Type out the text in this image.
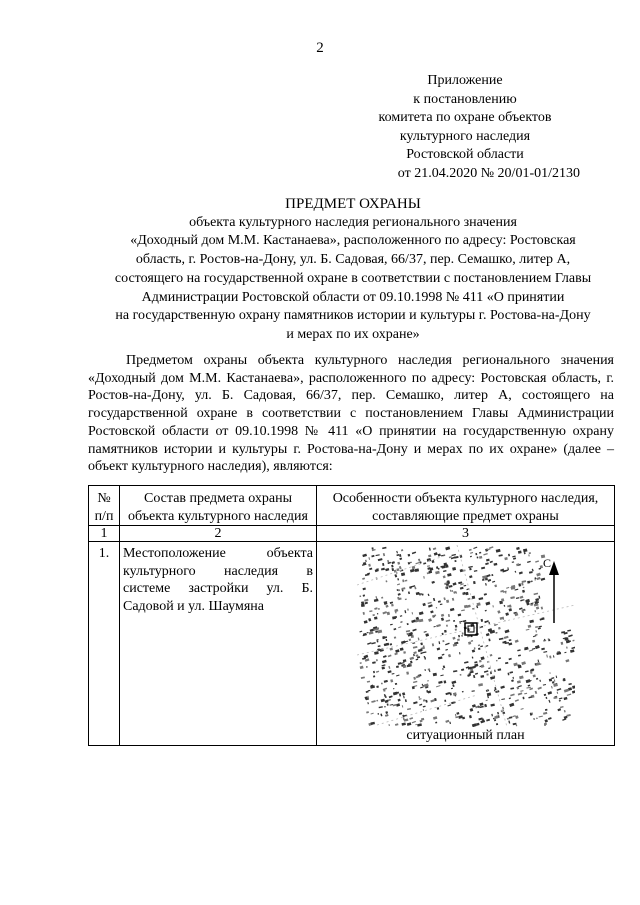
2
Приложение
к постановлению
комитета по охране объектов
культурного наследия
Ростовской области
от 21.04.2020 № 20/01-01/2130
ПРЕДМЕТ ОХРАНЫ
объекта культурного наследия регионального значения
«Доходный дом М.М. Кастанаева», расположенного по адресу: Ростовская
область, г. Ростов-на-Дону, ул. Б. Садовая, 66/37, пер. Семашко, литер А,
состоящего на государственной охране в соответствии с постановлением Главы
Администрации Ростовской области от 09.10.1998 № 411 «О принятии
на государственную охрану памятников истории и культуры г. Ростова-на-Дону
и мерах по их охране»
Предметом охраны объекта культурного наследия регионального значения «Доходный дом М.М. Кастанаева», расположенного по адресу: Ростовская область, г. Ростов-на-Дону, ул. Б. Садовая, 66/37, пер. Семашко, литер А, состоящего на государственной охране в соответствии с постановлением Главы Администрации Ростовской области от 09.10.1998 № 411 «О принятии на государственную охрану памятников истории и культуры г. Ростова-на-Дону и мерах по их охране» (далее – объект культурного наследия), являются:
№ п/п	Состав предмета охраны объекта культурного наследия	Особенности объекта культурного наследия, составляющие предмет охраны
1	2	3
1.	Местоположение объекта культурного наследия в системе застройки ул. Б. Садовой и ул. Шаумяна	С
ситуационный план
